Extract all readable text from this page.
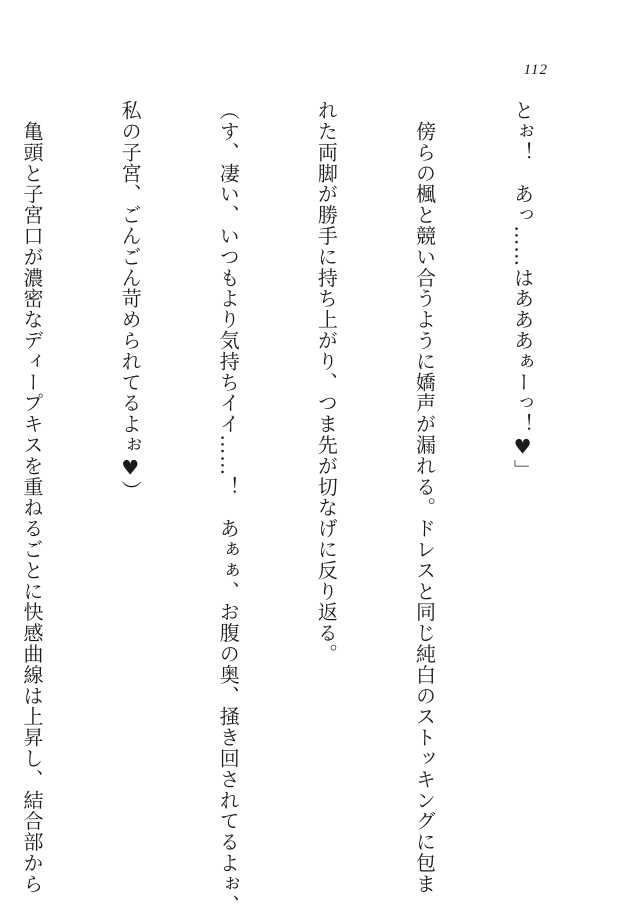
112

とぉ！　あっ……はあああぁーっ！♥」

　傍らの楓と競い合うように嬌声が漏れる。ドレスと同じ純白のストッキングに包ま

れた両脚が勝手に持ち上がり、つま先が切なげに反り返る。

（す、凄い、いつもより気持ちイイ……！　あぁぁ、お腹の奥、掻き回されてるよぉ、

私の子宮、ごんごん苛められてるよぉ♥）

　亀頭と子宮口が濃密なディープキスを重ねるごとに快感曲線は上昇し、結合部から
